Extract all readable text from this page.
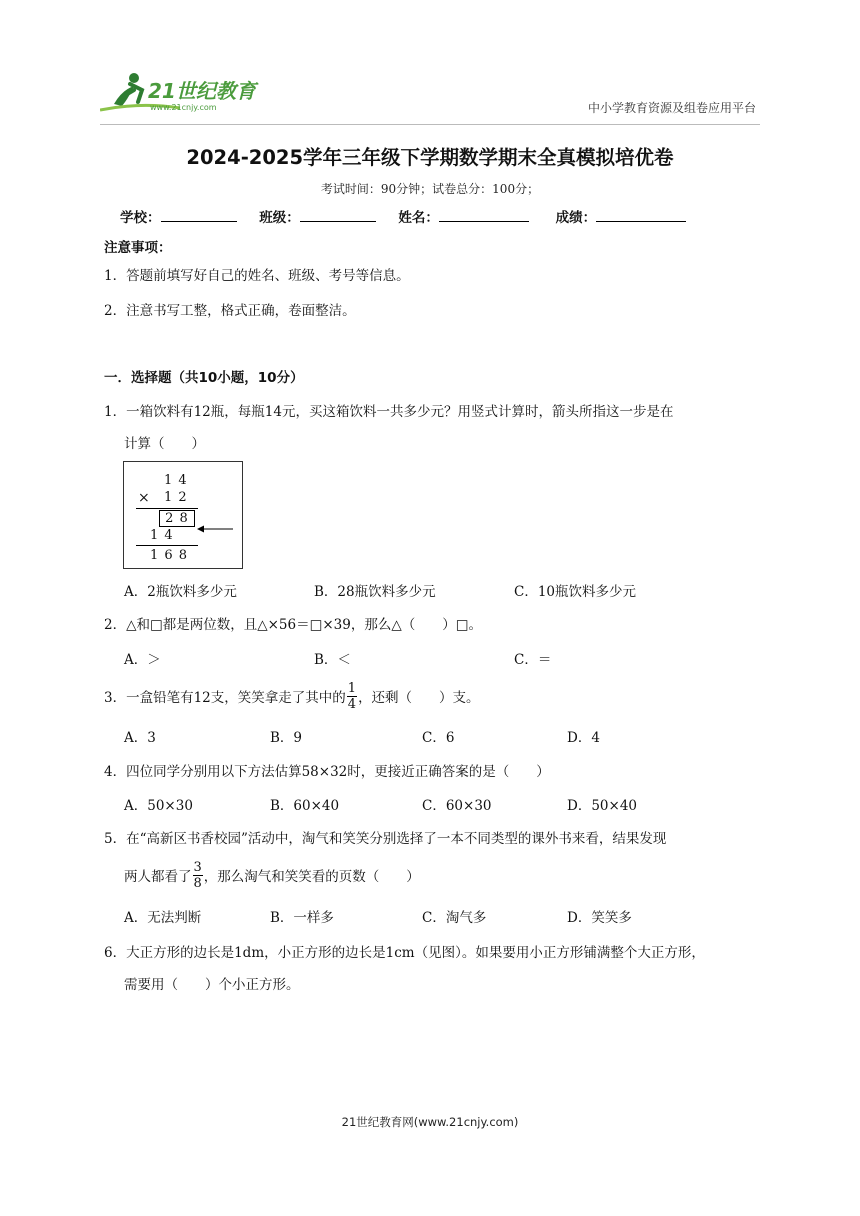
21世纪教育
www.21cnjy.com	中小学教育资源及组卷应用平台
2024-2025学年三年级下学期数学期末全真模拟培优卷
考试时间：90分钟；试卷总分：100分；
学校：	班级：	姓名：	成绩：
注意事项：
1．答题前填写好自己的姓名、班级、考号等信息。
2．注意书写工整，格式正确，卷面整洁。
一．选择题（共10小题，10分）
1．一箱饮料有12瓶，每瓶14元，买这箱饮料一共多少元？用竖式计算时，箭头所指这一步是在
计算（　　）
1 4
× 1 2
2 8
1 4
1 6 8
A．2瓶饮料多少元	B．28瓶饮料多少元	C．10瓶饮料多少元
2．△和□都是两位数，且△×56＝□×39，那么△（　　）□。
A．＞	B．＜	C．＝
3．一盒铅笔有12支，笑笑拿走了其中的 $\frac{1}{4}$ ，还剩（　　）支。
A．3	B．9	C．6	D．4
4．四位同学分别用以下方法估算58×32时，更接近正确答案的是（　　）
A．50×30	B．60×40	C．60×30	D．50×40
5．在“高新区书香校园”活动中，淘气和笑笑分别选择了一本不同类型的课外书来看，结果发现
两人都看了 $\frac{3}{8}$ ，那么淘气和笑笑看的页数（　　）
A．无法判断	B．一样多	C．淘气多	D．笑笑多
6．大正方形的边长是1dm，小正方形的边长是1cm（见图）。如果要用小正方形铺满整个大正方形，
需要用（　　）个小正方形。
21世纪教育网(www.21cnjy.com)
